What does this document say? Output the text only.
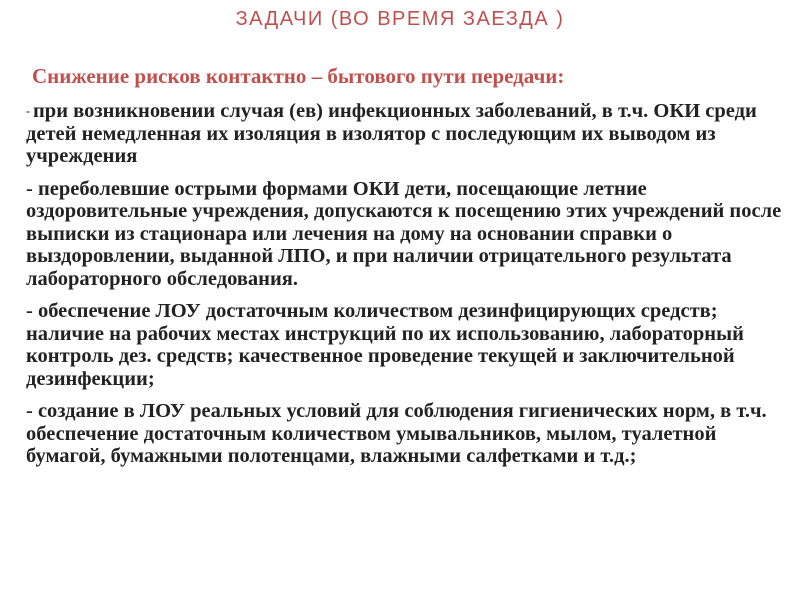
ЗАДАЧИ (ВО ВРЕМЯ ЗАЕЗДА )
Снижение рисков контактно – бытового пути передачи:

- при возникновении случая (ев) инфекционных заболеваний, в т.ч. ОКИ среди детей немедленная их изоляция в изолятор с последующим их выводом из учреждения

- переболевшие острыми формами ОКИ дети, посещающие летние оздоровительные учреждения, допускаются к посещению этих учреждений после выписки из стационара или лечения на дому на основании справки о выздоровлении, выданной ЛПО, и при наличии отрицательного результата лабораторного обследования.

- обеспечение ЛОУ достаточным количеством дезинфицирующих средств; наличие на рабочих местах инструкций по их использованию, лабораторный контроль дез. средств; качественное проведение текущей и заключительной дезинфекции;

- создание в ЛОУ реальных условий для соблюдения гигиенических норм, в т.ч. обеспечение достаточным количеством умывальников, мылом, туалетной бумагой, бумажными полотенцами, влажными салфетками и т.д.;
